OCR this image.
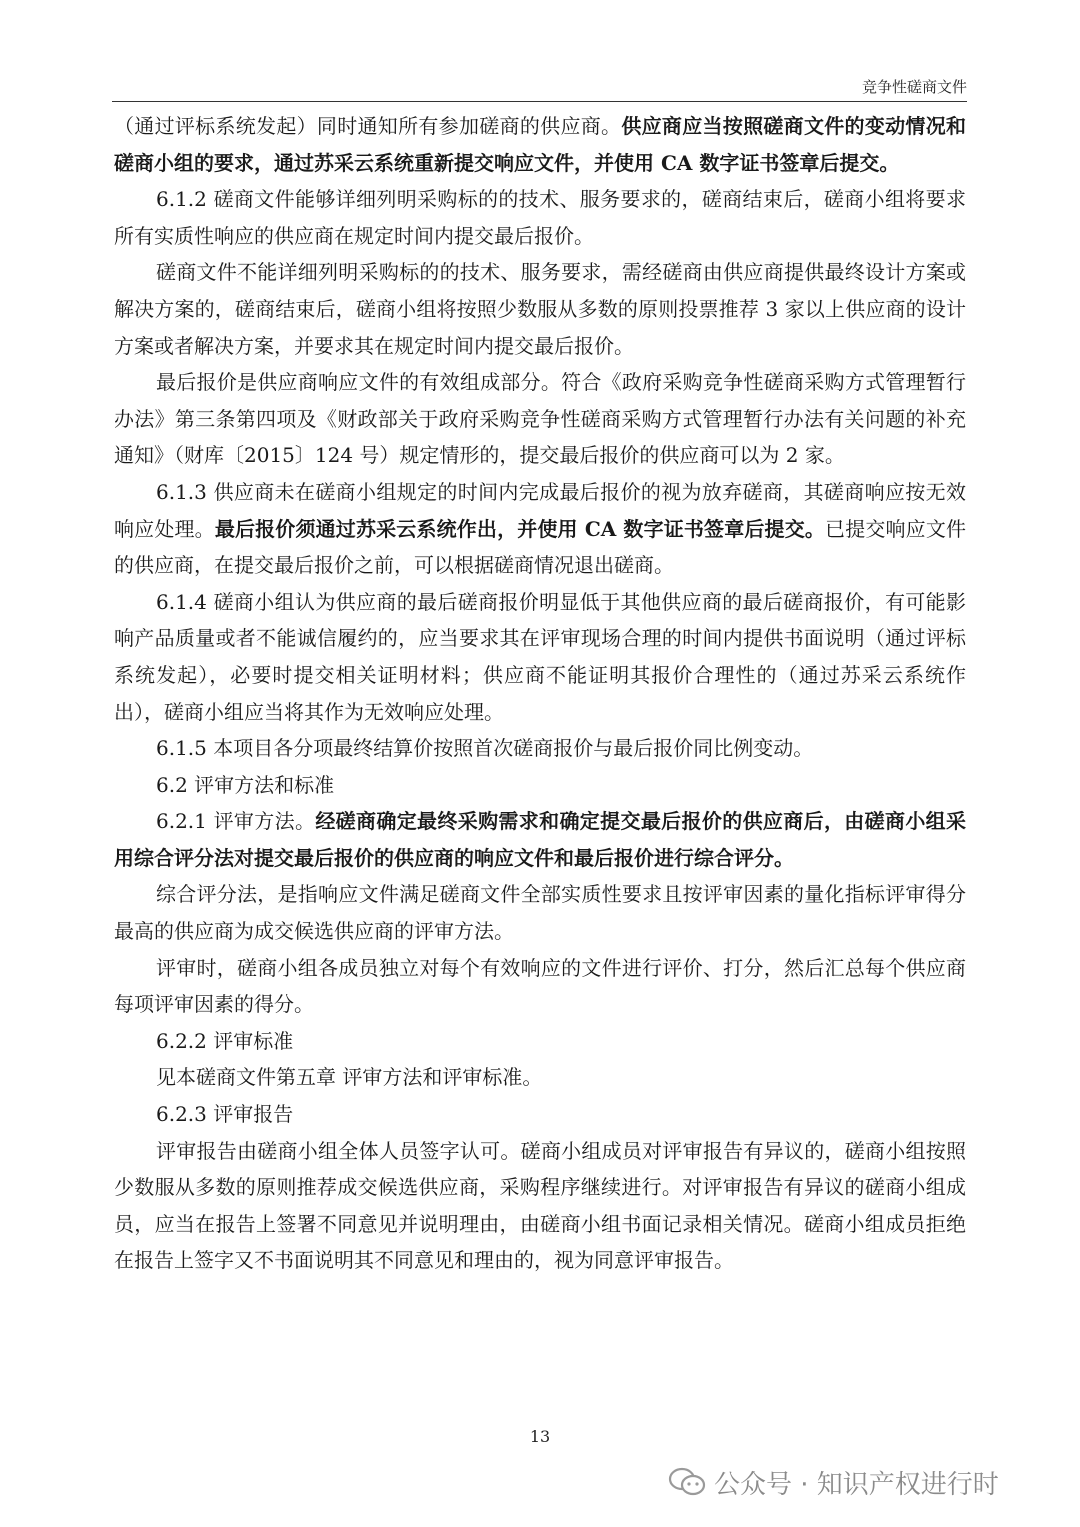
竞争性磋商文件

（通过评标系统发起）同时通知所有参加磋商的供应商。供应商应当按照磋商文件的变动情况和磋商小组的要求，通过苏采云系统重新提交响应文件，并使用 CA 数字证书签章后提交。

6.1.2 磋商文件能够详细列明采购标的的技术、服务要求的，磋商结束后，磋商小组将要求所有实质性响应的供应商在规定时间内提交最后报价。

磋商文件不能详细列明采购标的的技术、服务要求，需经磋商由供应商提供最终设计方案或解决方案的，磋商结束后，磋商小组将按照少数服从多数的原则投票推荐 3 家以上供应商的设计方案或者解决方案，并要求其在规定时间内提交最后报价。

最后报价是供应商响应文件的有效组成部分。符合《政府采购竞争性磋商采购方式管理暂行办法》第三条第四项及《财政部关于政府采购竞争性磋商采购方式管理暂行办法有关问题的补充通知》（财库〔2015〕124 号）规定情形的，提交最后报价的供应商可以为 2 家。

6.1.3 供应商未在磋商小组规定的时间内完成最后报价的视为放弃磋商，其磋商响应按无效响应处理。最后报价须通过苏采云系统作出，并使用 CA 数字证书签章后提交。已提交响应文件的供应商，在提交最后报价之前，可以根据磋商情况退出磋商。

6.1.4 磋商小组认为供应商的最后磋商报价明显低于其他供应商的最后磋商报价，有可能影响产品质量或者不能诚信履约的，应当要求其在评审现场合理的时间内提供书面说明（通过评标系统发起），必要时提交相关证明材料；供应商不能证明其报价合理性的（通过苏采云系统作出），磋商小组应当将其作为无效响应处理。

6.1.5 本项目各分项最终结算价按照首次磋商报价与最后报价同比例变动。

6.2 评审方法和标准

6.2.1 评审方法。经磋商确定最终采购需求和确定提交最后报价的供应商后，由磋商小组采用综合评分法对提交最后报价的供应商的响应文件和最后报价进行综合评分。

综合评分法，是指响应文件满足磋商文件全部实质性要求且按评审因素的量化指标评审得分最高的供应商为成交候选供应商的评审方法。

评审时，磋商小组各成员独立对每个有效响应的文件进行评价、打分，然后汇总每个供应商每项评审因素的得分。

6.2.2 评审标准

见本磋商文件第五章 评审方法和评审标准。

6.2.3 评审报告

评审报告由磋商小组全体人员签字认可。磋商小组成员对评审报告有异议的，磋商小组按照少数服从多数的原则推荐成交候选供应商，采购程序继续进行。对评审报告有异议的磋商小组成员，应当在报告上签署不同意见并说明理由，由磋商小组书面记录相关情况。磋商小组成员拒绝在报告上签字又不书面说明其不同意见和理由的，视为同意评审报告。

13
公众号 · 知识产权进行时
